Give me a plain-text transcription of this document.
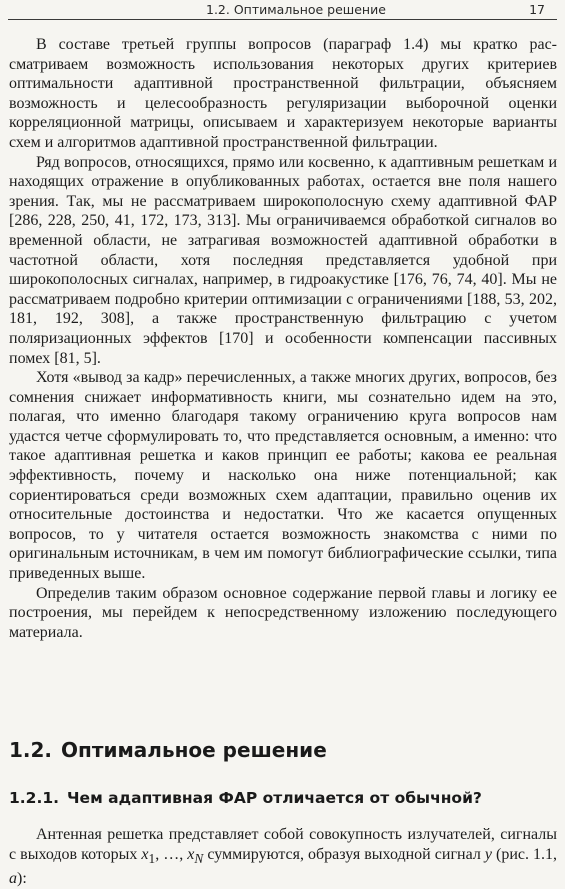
1.2. Оптимальное решение	17

В составе третьей группы вопросов (параграф 1.4) мы кратко рассматриваем возможность использования некоторых других критериев оптимальности адаптивной пространственной фильтрации, объясняем возможность и целесообразность регуляризации выборочной оценки корреляционной матрицы, описываем и характеризуем некоторые варианты схем и алгоритмов адаптивной пространственной фильтрации.

Ряд вопросов, относящихся, прямо или косвенно, к адаптивным решеткам и находящих отражение в опубликованных работах, остается вне поля нашего зрения. Так, мы не рассматриваем широкополосную схему адаптивной ФАР [286, 228, 250, 41, 172, 173, 313]. Мы ограничиваемся обработкой сигналов во временной области, не затрагивая возможностей адаптивной обработки в частотной области, хотя последняя представляется удобной при широкополосных сигналах, например, в гидроакустике [176, 76, 74, 40]. Мы не рассматриваем подробно критерии оптимизации с ограничениями [188, 53, 202, 181, 192, 308], а также пространственную фильтрацию с учетом поляризационных эффектов [170] и особенности компенсации пассивных помех [81, 5].

Хотя «вывод за кадр» перечисленных, а также многих других, вопросов, без сомнения снижает информативность книги, мы сознательно идем на это, полагая, что именно благодаря такому ограничению круга вопросов нам удастся четче сформулировать то, что представляется основным, а именно: что такое адаптивная решетка и каков принцип ее работы; какова ее реальная эффективность, почему и насколько она ниже потенциальной; как сориентироваться среди возможных схем адаптации, правильно оценив их относительные достоинства и недостатки. Что же касается опущенных вопросов, то у читателя остается возможность знакомства с ними по оригинальным источникам, в чем им помогут библиографические ссылки, типа приведенных выше.

Определив таким образом основное содержание первой главы и логику ее построения, мы перейдем к непосредственному изложению последующего материала.

1.2. Оптимальное решение
1.2.1. Чем адаптивная ФАР отличается от обычной?

Антенная решетка представляет собой совокупность излучателей, сигналы с выходов которых $x_1$, …, $x_N$ суммируются, образуя выходной сигнал y (рис. 1.1, а):
